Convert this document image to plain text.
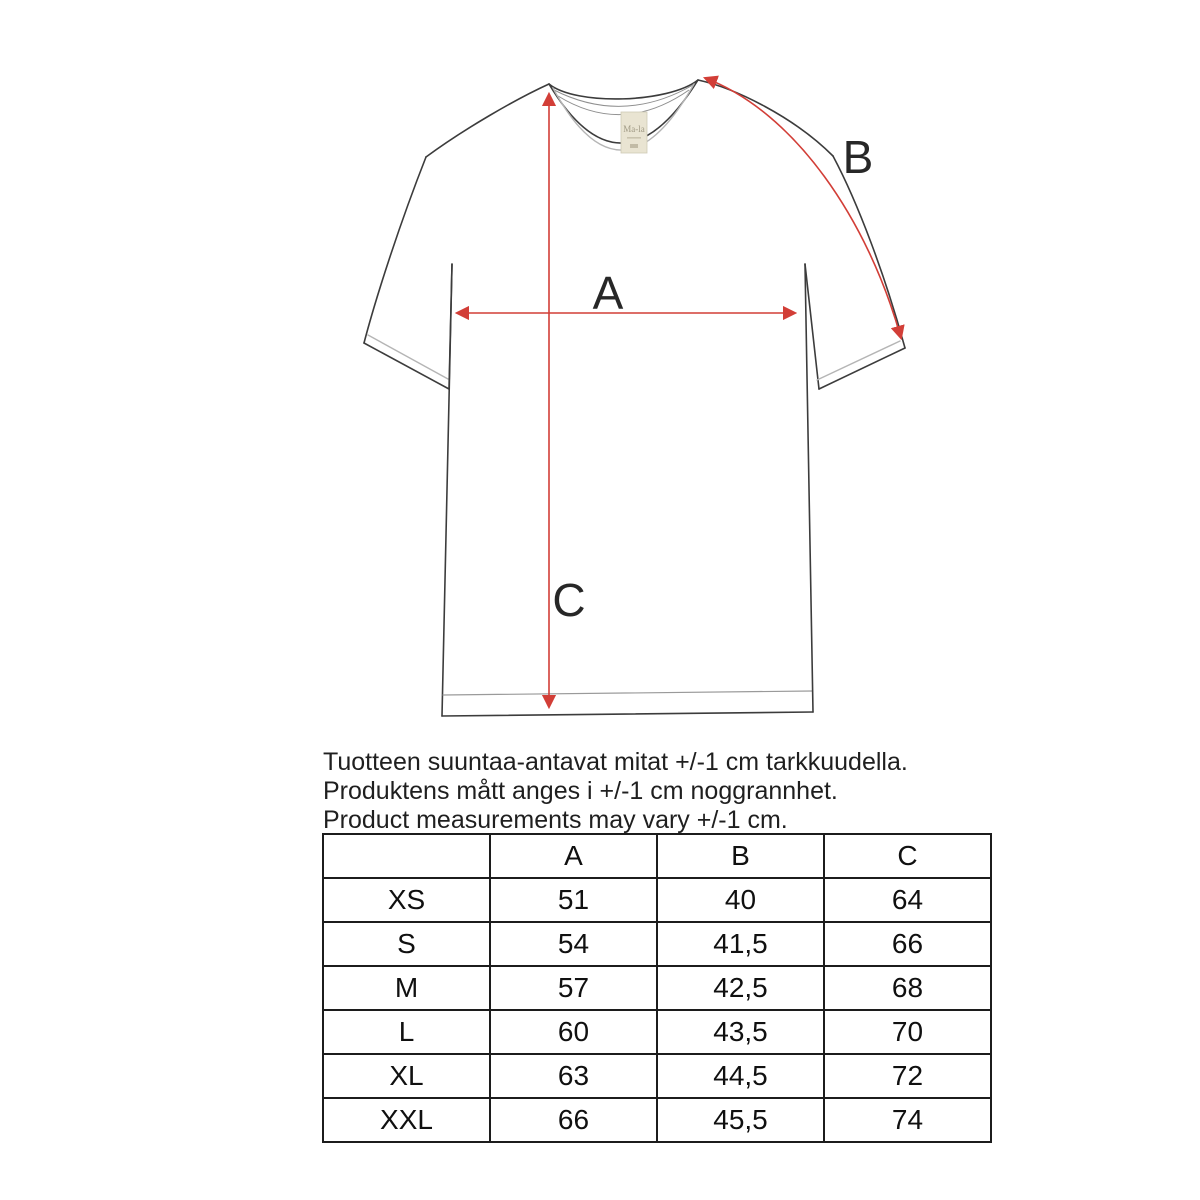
Ma-la
A
B
C
Tuotteen suuntaa-antavat mitat +/-1 cm tarkkuudella.
Produktens mått anges i +/-1 cm noggrannhet.
Product measurements may vary +/-1 cm.
	A	B	C
XS	51	40	64
S	54	41,5	66
M	57	42,5	68
L	60	43,5	70
XL	63	44,5	72
XXL	66	45,5	74
